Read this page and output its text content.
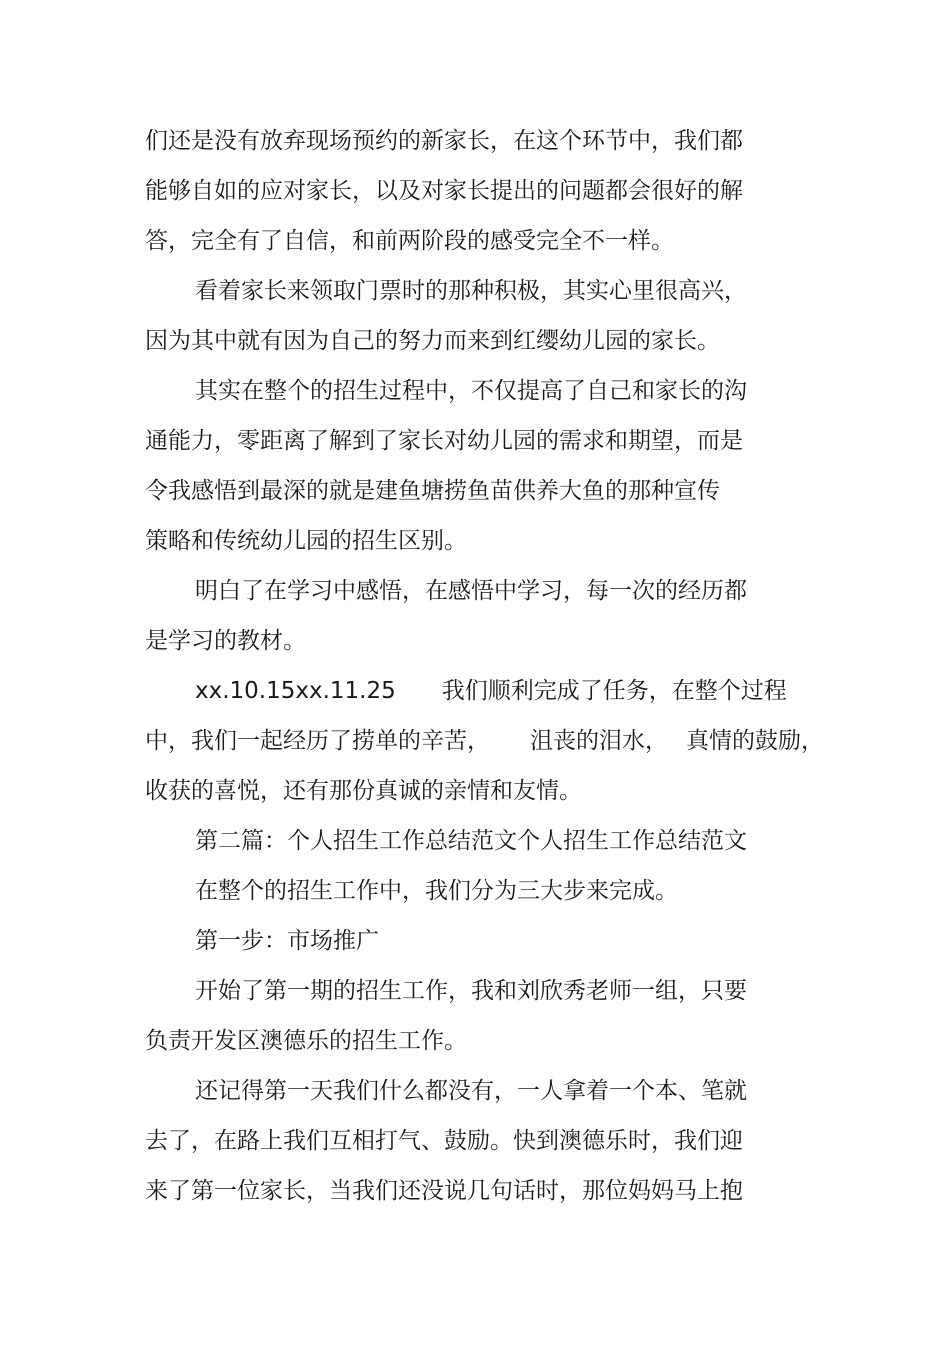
们还是没有放弃现场预约的新家长，在这个环节中，我们都
能够自如的应对家长，以及对家长提出的问题都会很好的解
答，完全有了自信，和前两阶段的感受完全不一样。
看着家长来领取门票时的那种积极，其实心里很高兴，
因为其中就有因为自己的努力而来到红缨幼儿园的家长。
其实在整个的招生过程中，不仅提高了自己和家长的沟
通能力，零距离了解到了家长对幼儿园的需求和期望，而是
令我感悟到最深的就是建鱼塘捞鱼苗供养大鱼的那种宣传
策略和传统幼儿园的招生区别。
明白了在学习中感悟，在感悟中学习，每一次的经历都
是学习的教材。
xx.10.15xx.11.25 我们顺利完成了任务，在整个过程
中，我们一起经历了捞单的辛苦， 沮丧的泪水， 真情的鼓励，
收获的喜悦，还有那份真诚的亲情和友情。
第二篇：个人招生工作总结范文个人招生工作总结范文
在整个的招生工作中，我们分为三大步来完成。
第一步：市场推广
开始了第一期的招生工作，我和刘欣秀老师一组，只要
负责开发区澳德乐的招生工作。
还记得第一天我们什么都没有，一人拿着一个本、笔就
去了，在路上我们互相打气、鼓励。快到澳德乐时，我们迎
来了第一位家长，当我们还没说几句话时，那位妈妈马上抱
